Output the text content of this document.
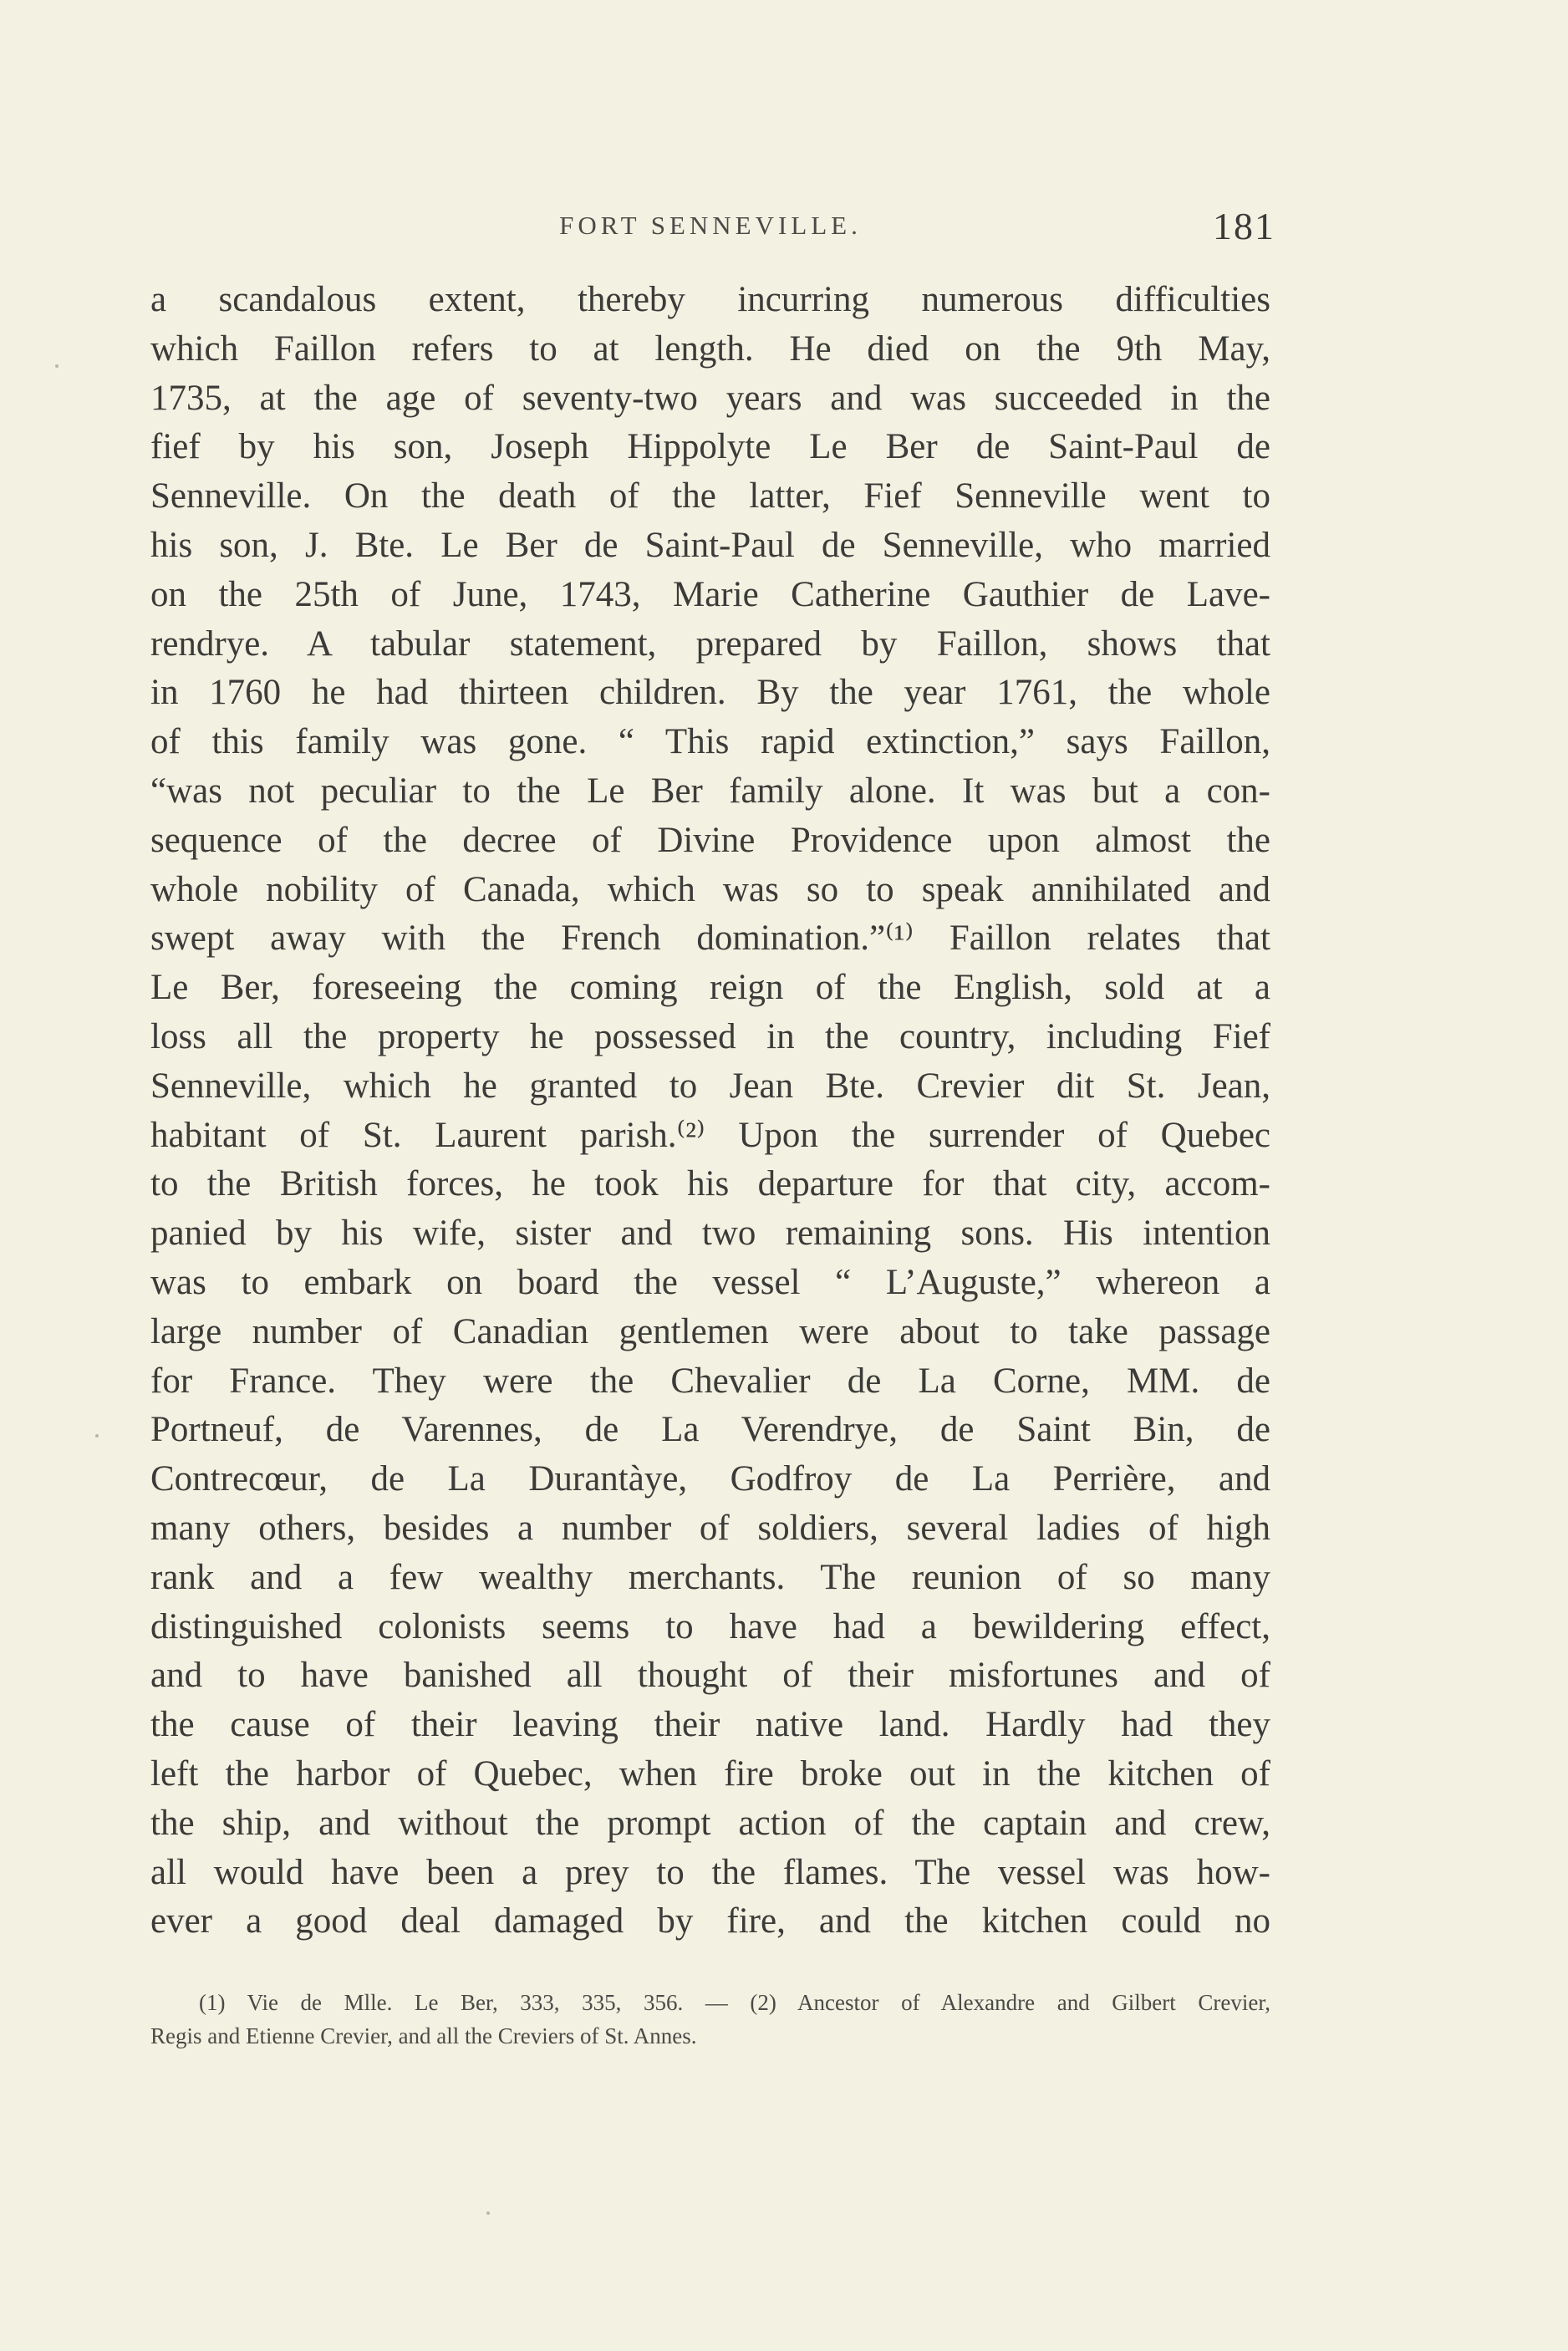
FORT SENNEVILLE.	181
a scandalous extent, thereby incurring numerous difficulties
which Faillon refers to at length. He died on the 9th May,
1735, at the age of seventy-two years and was succeeded in the
fief by his son, Joseph Hippolyte Le Ber de Saint-Paul de
Senneville. On the death of the latter, Fief Senneville went to
his son, J. Bte. Le Ber de Saint-Paul de Senneville, who married
on the 25th of June, 1743, Marie Catherine Gauthier de Lave-
rendrye. A tabular statement, prepared by Faillon, shows that
in 1760 he had thirteen children. By the year 1761, the whole
of this family was gone. “ This rapid extinction,” says Faillon,
“was not peculiar to the Le Ber family alone. It was but a con-
sequence of the decree of Divine Providence upon almost the
whole nobility of Canada, which was so to speak annihilated and
swept away with the French domination.”⁽¹⁾ Faillon relates that
Le Ber, foreseeing the coming reign of the English, sold at a
loss all the property he possessed in the country, including Fief
Senneville, which he granted to Jean Bte. Crevier dit St. Jean,
habitant of St. Laurent parish.⁽²⁾ Upon the surrender of Quebec
to the British forces, he took his departure for that city, accom-
panied by his wife, sister and two remaining sons. His intention
was to embark on board the vessel “ L’Auguste,” whereon a
large number of Canadian gentlemen were about to take passage
for France. They were the Chevalier de La Corne, MM. de
Portneuf, de Varennes, de La Verendrye, de Saint Bin, de
Contrecœur, de La Durantàye, Godfroy de La Perrière, and
many others, besides a number of soldiers, several ladies of high
rank and a few wealthy merchants. The reunion of so many
distinguished colonists seems to have had a bewildering effect,
and to have banished all thought of their misfortunes and of
the cause of their leaving their native land. Hardly had they
left the harbor of Quebec, when fire broke out in the kitchen of
the ship, and without the prompt action of the captain and crew,
all would have been a prey to the flames. The vessel was how-
ever a good deal damaged by fire, and the kitchen could no
(1) Vie de Mlle. Le Ber, 333, 335, 356. — (2) Ancestor of Alexandre and Gilbert Crevier,
Regis and Etienne Crevier, and all the Creviers of St. Annes.
